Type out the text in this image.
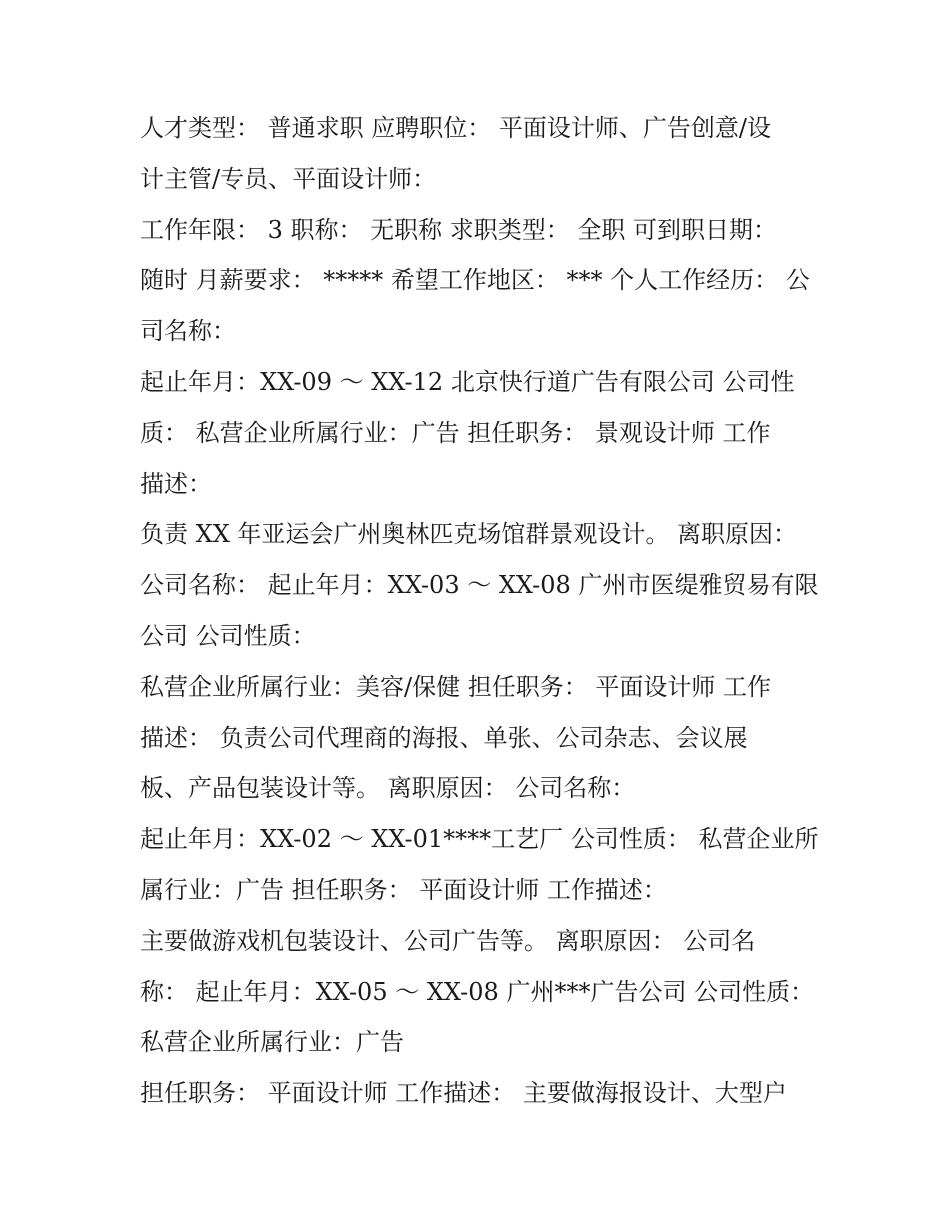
人才类型： 普通求职 应聘职位： 平面设计师、广告创意/设
计主管/专员、平面设计师：
工作年限： 3 职称： 无职称 求职类型： 全职 可到职日期：
随时 月薪要求： ***** 希望工作地区： *** 个人工作经历： 公
司名称：
起止年月：XX-09 ～ XX-12 北京快行道广告有限公司 公司性
质： 私营企业所属行业：广告 担任职务： 景观设计师 工作
描述：
负责 XX 年亚运会广州奥林匹克场馆群景观设计。 离职原因：
公司名称： 起止年月：XX-03 ～ XX-08 广州市医缇雅贸易有限
公司 公司性质：
私营企业所属行业：美容/保健 担任职务： 平面设计师 工作
描述： 负责公司代理商的海报、单张、公司杂志、会议展
板、产品包装设计等。 离职原因： 公司名称：
起止年月：XX-02 ～ XX-01****工艺厂 公司性质： 私营企业所
属行业：广告 担任职务： 平面设计师 工作描述：
主要做游戏机包装设计、公司广告等。 离职原因： 公司名
称： 起止年月：XX-05 ～ XX-08 广州***广告公司 公司性质：
私营企业所属行业：广告
担任职务： 平面设计师 工作描述： 主要做海报设计、大型户
